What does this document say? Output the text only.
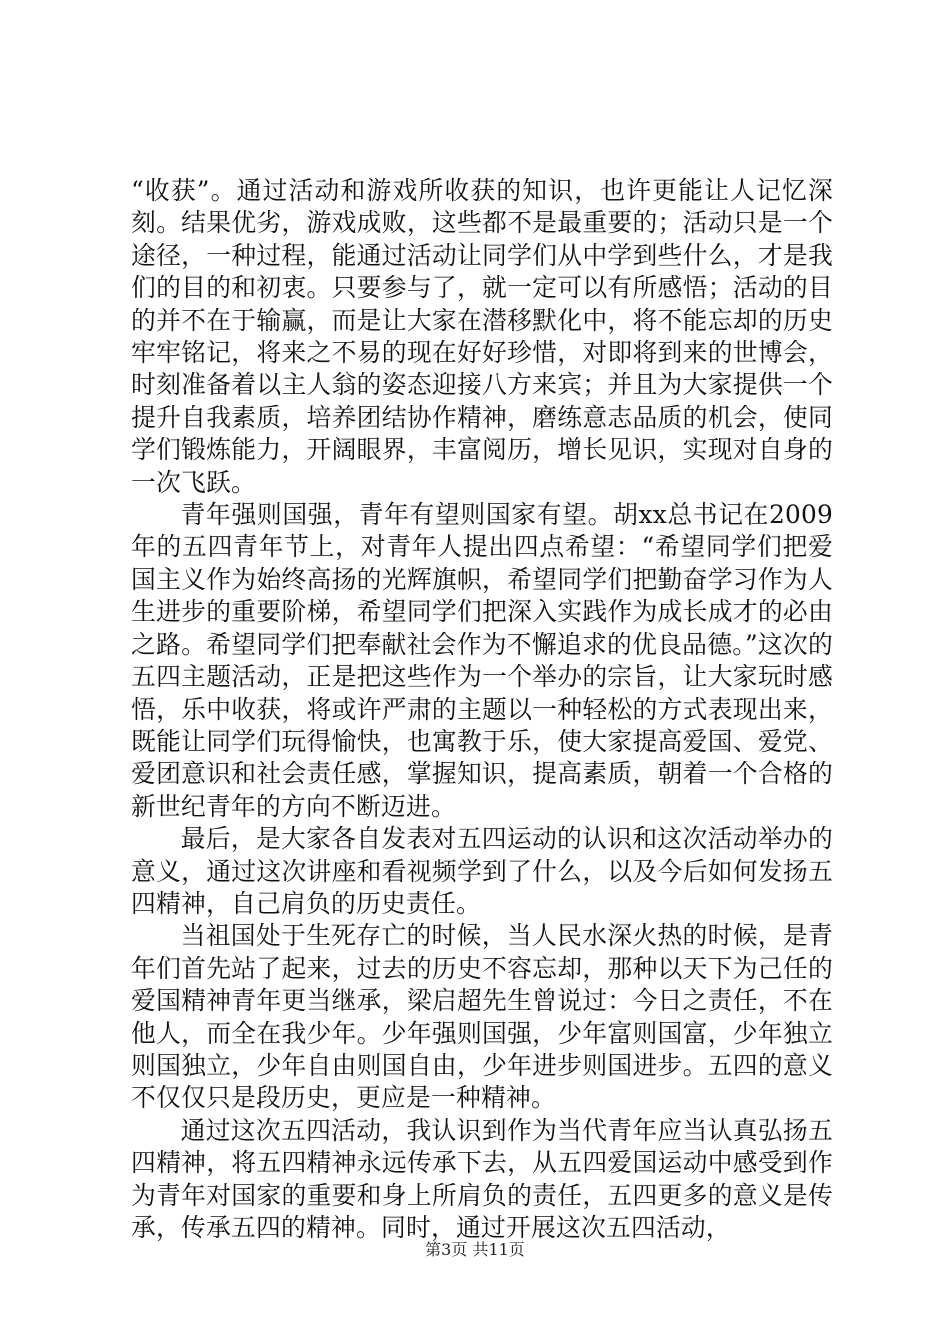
“收获”。通过活动和游戏所收获的知识，也许更能让人记忆深刻。结果优劣，游戏成败，这些都不是最重要的；活动只是一个途径，一种过程，能通过活动让同学们从中学到些什么，才是我们的目的和初衷。只要参与了，就一定可以有所感悟；活动的目的并不在于输赢，而是让大家在潜移默化中，将不能忘却的历史牢牢铭记，将来之不易的现在好好珍惜，对即将到来的世博会，时刻准备着以主人翁的姿态迎接八方来宾；并且为大家提供一个提升自我素质，培养团结协作精神，磨练意志品质的机会，使同学们锻炼能力，开阔眼界，丰富阅历，增长见识，实现对自身的一次飞跃。

青年强则国强，青年有望则国家有望。胡xx总书记在2009年的五四青年节上，对青年人提出四点希望：“希望同学们把爱国主义作为始终高扬的光辉旗帜，希望同学们把勤奋学习作为人生进步的重要阶梯，希望同学们把深入实践作为成长成才的必由之路。希望同学们把奉献社会作为不懈追求的优良品德。”这次的五四主题活动，正是把这些作为一个举办的宗旨，让大家玩时感悟，乐中收获，将或许严肃的主题以一种轻松的方式表现出来，既能让同学们玩得愉快，也寓教于乐，使大家提高爱国、爱党、爱团意识和社会责任感，掌握知识，提高素质，朝着一个合格的新世纪青年的方向不断迈进。

最后，是大家各自发表对五四运动的认识和这次活动举办的意义，通过这次讲座和看视频学到了什么，以及今后如何发扬五四精神，自己肩负的历史责任。

当祖国处于生死存亡的时候，当人民水深火热的时候，是青年们首先站了起来，过去的历史不容忘却，那种以天下为己任的爱国精神青年更当继承，梁启超先生曾说过：今日之责任，不在他人，而全在我少年。少年强则国强，少年富则国富，少年独立则国独立，少年自由则国自由，少年进步则国进步。五四的意义不仅仅只是段历史，更应是一种精神。

通过这次五四活动，我认识到作为当代青年应当认真弘扬五四精神，将五四精神永远传承下去，从五四爱国运动中感受到作为青年对国家的重要和身上所肩负的责任，五四更多的意义是传承，传承五四的精神。同时，通过开展这次五四活动，

第3页 共11页
